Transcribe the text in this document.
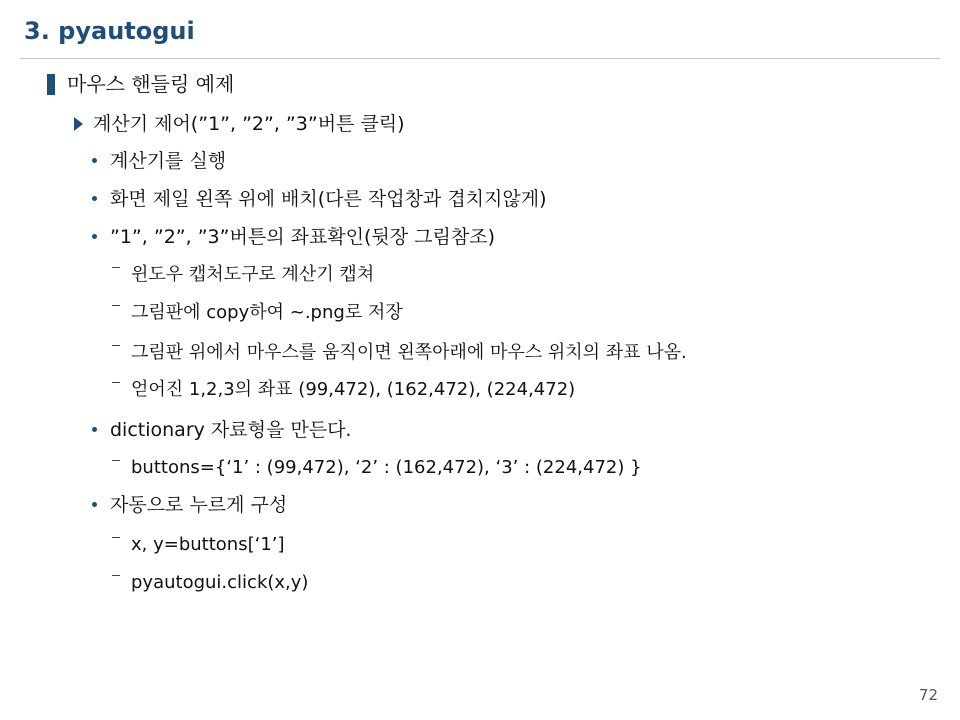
3. pyautogui
마우스 핸들링 예제
계산기 제어(”1”, ”2”, ”3”버튼 클릭)
계산기를 실행
화면 제일 왼쪽 위에 배치(다른 작업창과 겹치지않게)
”1”, ”2”, ”3”버튼의 좌표확인(뒷장 그림참조)
윈도우 캡처도구로 계산기 캡쳐
그림판에 copy하여 ~.png로 저장
그림판 위에서 마우스를 움직이면 왼쪽아래에 마우스 위치의 좌표 나옴.
얻어진 1,2,3의 좌표 (99,472), (162,472), (224,472)
dictionary 자료형을 만든다.
buttons={‘1’ : (99,472), ‘2’ : (162,472), ‘3’ : (224,472) }
자동으로 누르게 구성
x, y=buttons[‘1’]
pyautogui.click(x,y)
72
